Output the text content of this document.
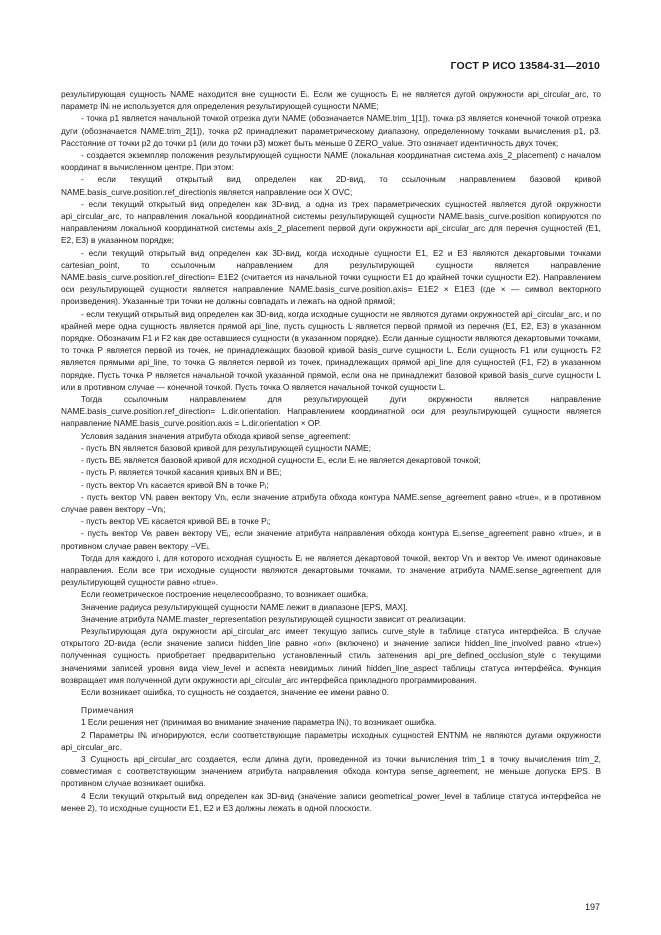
ГОСТ Р ИСО 13584-31—2010

результирующая сущность NAME находится вне сущности Eᵢ. Если же сущность Eᵢ не является дугой окружности api_circular_arc, то параметр INᵢ не используется для определения результирующей сущности NAME;

- точка p1 является начальной точкой отрезка дуги NAME (обозначается NAME.trim_1[1]), точка p3 является конечной точкой отрезка дуги (обозначается NAME.trim_2[1]), точка p2 принадлежит параметрическому диапазону, определенному точками вычисления p1, p3. Расстояние от точки p2 до точки p1 (или до точки p3) может быть меньше 0 ZERO_value. Это означает идентичность двух точек;

- создается экземпляр положения результирующей сущности NAME (локальная координатная система axis_2_placement) с началом координат в вычисленном центре. При этом:

- если текущий открытый вид определен как 2D-вид, то ссылочным направлением базовой кривой NAME.basis_curve.position.ref_directionis является направление оси X OVC;

- если текущий открытый вид определен как 3D-вид, а одна из трех параметрических сущностей является дугой окружности api_circular_arc, то направления локальной координатной системы результирующей сущности NAME.basis_curve.position копируются по направлениям локальной координатной системы axis_2_placement первой дуги окружности api_circular_arc для перечня сущностей (E1, E2, E3) в указанном порядке;

- если текущий открытый вид определен как 3D-вид, когда исходные сущности E1, E2 и E3 являются декартовыми точками cartesian_point, то ссылочным направлением для результирующей сущности является направление NAME.basis_curve.position.ref_direction= E1E2 (считается из начальной точки сущности E1 до крайней точки сущности E2). Направлением оси результирующей сущности является направление NAME.basis_curve.position.axis= E1E2 × E1E3 (где × — символ векторного произведения). Указанные три точки не должны совпадать и лежать на одной прямой;

- если текущий открытый вид определен как 3D-вид, когда исходные сущности не являются дугами окружностей api_circular_arc, и по крайней мере одна сущность является прямой api_line, пусть сущность L является первой прямой из перечня (E1, E2, E3) в указанном порядке. Обозначим F1 и F2 как две оставшиеся сущности (в указанном порядке). Если данные сущности являются декартовыми точками, то точка P является первой из точек, не принадлежащих базовой кривой basis_curve сущности L. Если сущность F1 или сущность F2 является прямыми api_line, то точка G является первой из точек, принадлежащих прямой api_line для сущностей (F1, F2) в указанном порядке. Пусть точка P является начальной точкой указанной прямой, если она не принадлежит базовой кривой basis_curve сущности L или в противном случае — конечной точкой. Пусть точка O является начальной точкой сущности L.

Тогда ссылочным направлением для результирующей дуги окружности является направление NAME.basis_curve.position.ref_direction= L.dir.orientation. Направлением координатной оси для результирующей сущности является направление NAME.basis_curve.position.axis = L.dir.orientation × OP.

Условия задания значения атрибута обхода кривой sense_agreement:

- пусть BN является базовой кривой для результирующей сущности NAME;

- пусть BEᵢ является базовой кривой для исходной сущности Eᵢ, если Eᵢ не является декартовой точкой;

- пусть Pᵢ является точкой касания кривых BN и BEᵢ;

- пусть вектор Vnᵢ касается кривой BN в точке Pᵢ;

- пусть вектор VNᵢ равен вектору Vnᵢ, если значение атрибута обхода контура NAME.sense_agreement равно «true», и в противном случае равен вектору −Vnᵢ;

- пусть вектор VEᵢ касается кривой BEᵢ в точке Pᵢ;

- пусть вектор Veᵢ равен вектору VEᵢ, если значение атрибута направления обхода контура Eᵢ.sense_agreement равно «true», и в противном случае равен вектору −VEᵢ.

Тогда для каждого i, для которого исходная сущность Eᵢ не является декартовой точкой, вектор Vnᵢ и вектор Veᵢ имеют одинаковые направления. Если все три исходные сущности являются декартовыми точками, то значение атрибута NAME.sense_agreement для результирующей сущности равно «true».

Если геометрическое построение нецелесообразно, то возникает ошибка.

Значение радиуса результирующей сущности NAME лежит в диапазоне [EPS, MAX].

Значение атрибута NAME.master_representation результирующей сущности зависит от реализации.

Результирующая дуга окружности api_circular_arc имеет текущую запись curve_style в таблице статуса интерфейса. В случае открытого 2D-вида (если значение записи hidden_line равно «on» (включено) и значение записи hidden_line_involved равно «true») полученная сущность приобретает предварительно установленный стиль затенения api_pre_defined_occlusion_style с текущими значениями записей уровня вида view_level и аспекта невидимых линий hidden_line_aspect таблицы статуса интерфейса. Функция возвращает имя полученной дуги окружности api_circular_arc интерфейса прикладного программирования.

Если возникает ошибка, то сущность не создается, значение ее имени равно 0.

Примечания

1 Если решения нет (принимая во внимание значение параметра INᵢ), то возникает ошибка.

2 Параметры INᵢ игнорируются, если соответствующие параметры исходных сущностей ENTNMᵢ не являются дугами окружности api_circular_arc.

3 Сущность api_circular_arc создается, если длина дуги, проведенной из точки вычисления trim_1 в точку вычисления trim_2, совместимая с соответствующим значением атрибута направления обхода контура sense_agreement, не меньше допуска EPS. В противном случае возникает ошибка.

4 Если текущий открытый вид определен как 3D-вид (значение записи geometrical_power_level в таблице статуса интерфейса не менее 2), то исходные сущности E1, E2 и E3 должны лежать в одной плоскости.

197
